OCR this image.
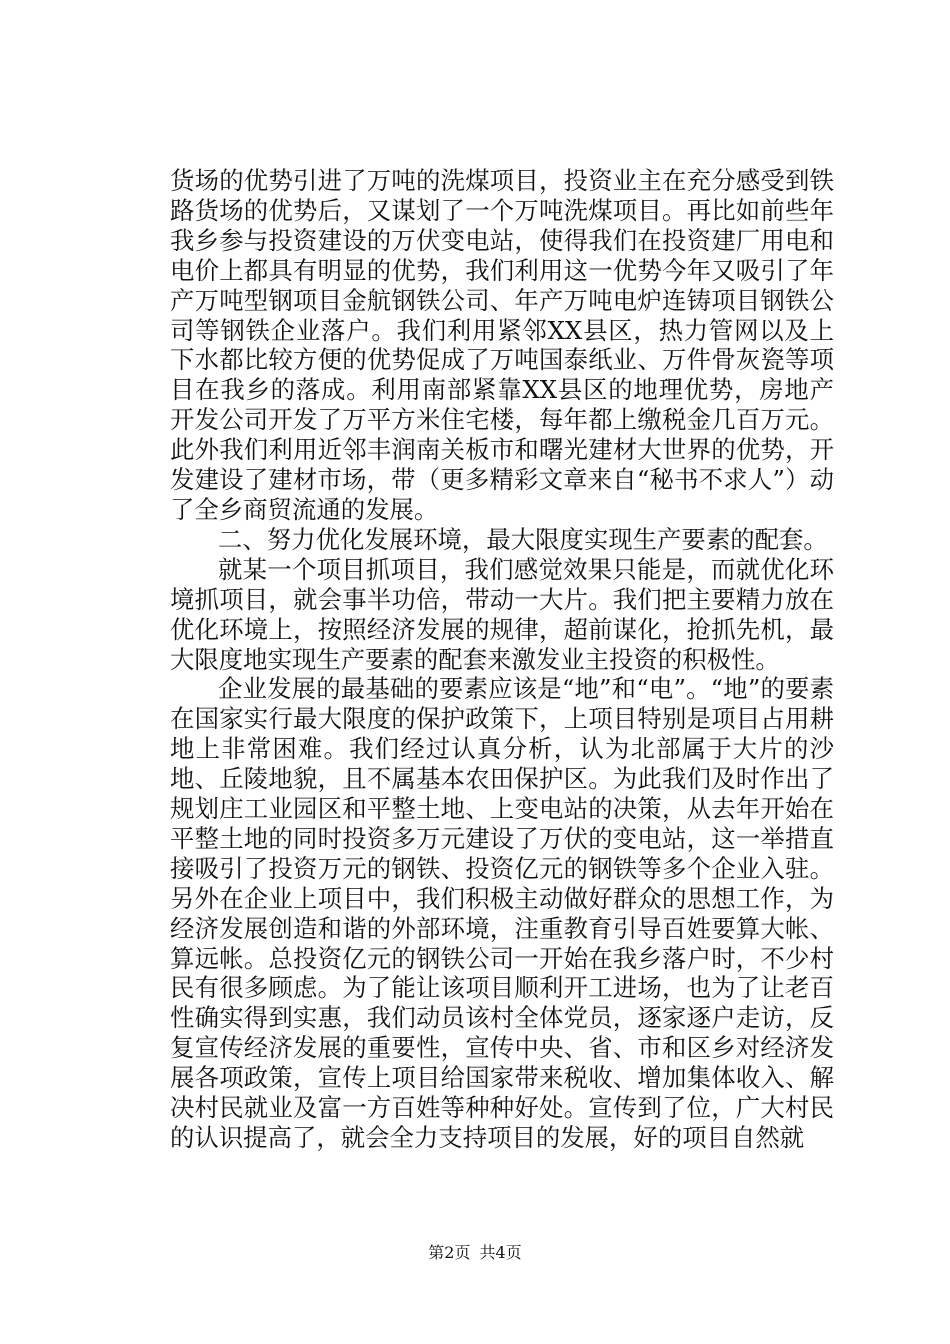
货场的优势引进了万吨的洗煤项目，投资业主在充分感受到铁路货场的优势后，又谋划了一个万吨洗煤项目。再比如前些年我乡参与投资建设的万伏变电站，使得我们在投资建厂用电和电价上都具有明显的优势，我们利用这一优势今年又吸引了年产万吨型钢项目金航钢铁公司、年产万吨电炉连铸项目钢铁公司等钢铁企业落户。我们利用紧邻XX县区，热力管网以及上下水都比较方便的优势促成了万吨国泰纸业、万件骨灰瓷等项目在我乡的落成。利用南部紧靠XX县区的地理优势，房地产开发公司开发了万平方米住宅楼，每年都上缴税金几百万元。此外我们利用近邻丰润南关板市和曙光建材大世界的优势，开发建设了建材市场，带（更多精彩文章来自“秘书不求人”）动了全乡商贸流通的发展。

二、努力优化发展环境，最大限度实现生产要素的配套。

就某一个项目抓项目，我们感觉效果只能是，而就优化环境抓项目，就会事半功倍，带动一大片。我们把主要精力放在优化环境上，按照经济发展的规律，超前谋化，抢抓先机，最大限度地实现生产要素的配套来激发业主投资的积极性。

企业发展的最基础的要素应该是“地”和“电”。“地”的要素在国家实行最大限度的保护政策下，上项目特别是项目占用耕地上非常困难。我们经过认真分析，认为北部属于大片的沙地、丘陵地貌，且不属基本农田保护区。为此我们及时作出了规划庄工业园区和平整土地、上变电站的决策，从去年开始在平整土地的同时投资多万元建设了万伏的变电站，这一举措直接吸引了投资万元的钢铁、投资亿元的钢铁等多个企业入驻。另外在企业上项目中，我们积极主动做好群众的思想工作，为经济发展创造和谐的外部环境，注重教育引导百姓要算大帐、算远帐。总投资亿元的钢铁公司一开始在我乡落户时，不少村民有很多顾虑。为了能让该项目顺利开工进场，也为了让老百性确实得到实惠，我们动员该村全体党员，逐家逐户走访，反复宣传经济发展的重要性，宣传中央、省、市和区乡对经济发展各项政策，宣传上项目给国家带来税收、增加集体收入、解决村民就业及富一方百姓等种种好处。宣传到了位，广大村民的认识提高了，就会全力支持项目的发展，好的项目自然就

第2页 共4页
